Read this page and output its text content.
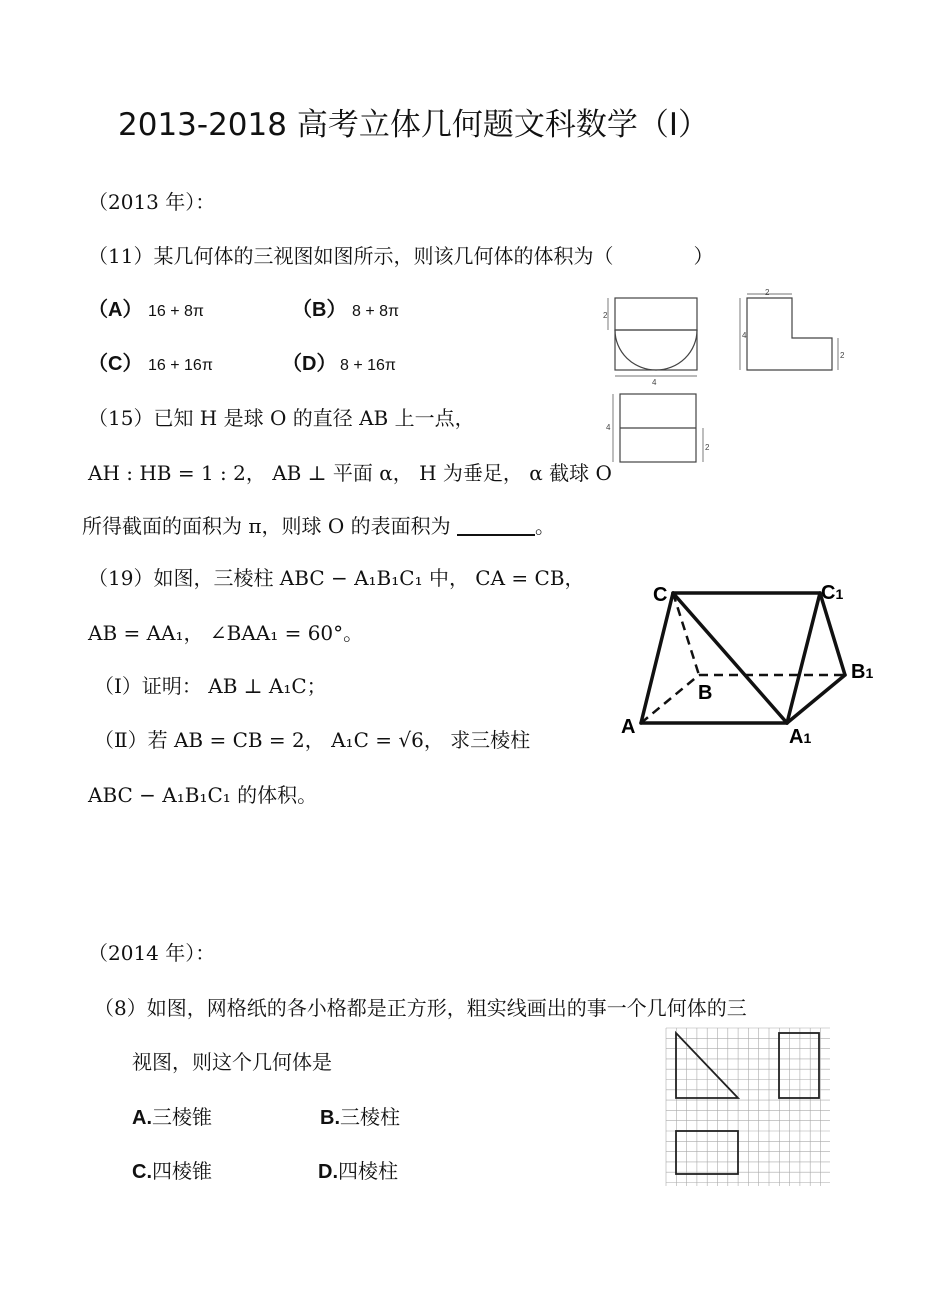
2013-2018 高考立体几何题文科数学（Ⅰ）
（2013 年）：
（11）某几何体的三视图如图所示，则该几何体的体积为（　　　　）
（A） 16 + 8π	（B） 8 + 8π
（C） 16 + 16π	（D） 8 + 16π
2
4
2
4
2
4
2
（15）已知 H 是球 O 的直径 AB 上一点，
AH : HB = 1 : 2， AB ⊥ 平面 α， H 为垂足， α 截球 O
所得截面的面积为 π，则球 O 的表面积为	。
（19）如图，三棱柱 ABC − A₁B₁C₁ 中， CA = CB，
AB = AA₁， ∠BAA₁ = 60°。
（Ⅰ）证明： AB ⊥ A₁C；
（Ⅱ）若 AB = CB = 2， A₁C = √6， 求三棱柱
ABC − A₁B₁C₁ 的体积。
C	C1
B1
B
A	A1
（2014 年）：
（8）如图，网格纸的各小格都是正方形，粗实线画出的事一个几何体的三
视图，则这个几何体是
A.三棱锥	B.三棱柱
C.四棱锥	D.四棱柱
